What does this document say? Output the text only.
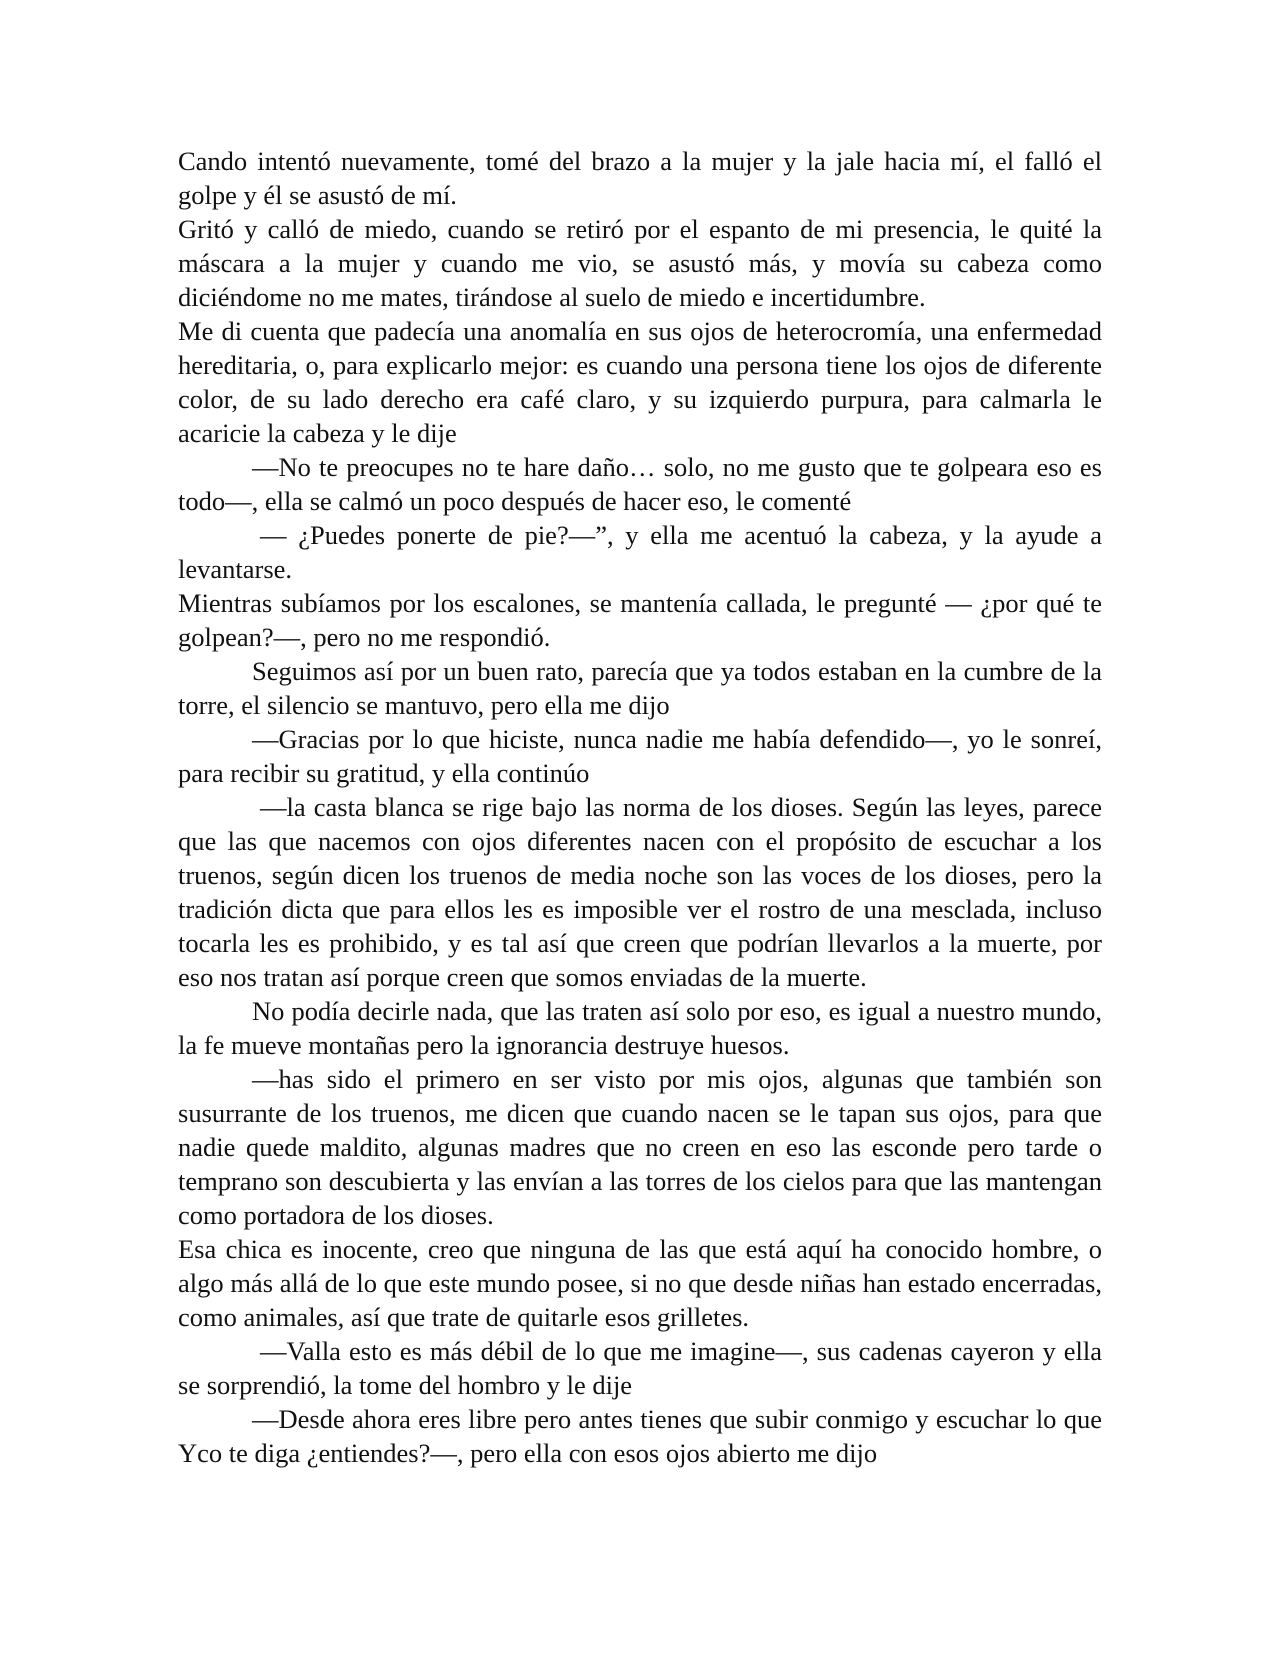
Cando intentó nuevamente, tomé del brazo a la mujer y la jale hacia mí, el falló el golpe y él se asustó de mí.

Gritó y calló de miedo, cuando se retiró por el espanto de mi presencia, le quité la máscara a la mujer y cuando me vio, se asustó más, y movía su cabeza como diciéndome no me mates, tirándose al suelo de miedo e incertidumbre.

Me di cuenta que padecía una anomalía en sus ojos de heterocromía, una enfermedad hereditaria, o, para explicarlo mejor: es cuando una persona tiene los ojos de diferente color, de su lado derecho era café claro, y su izquierdo purpura, para calmarla le acaricie la cabeza y le dije

—No te preocupes no te hare daño… solo, no me gusto que te golpeara eso es todo—, ella se calmó un poco después de hacer eso, le comenté

— ¿Puedes ponerte de pie?—”, y ella me acentuó la cabeza, y la ayude a levantarse.

Mientras subíamos por los escalones, se mantenía callada, le pregunté — ¿por qué te golpean?—, pero no me respondió.

Seguimos así por un buen rato, parecía que ya todos estaban en la cumbre de la torre, el silencio se mantuvo, pero ella me dijo

—Gracias por lo que hiciste, nunca nadie me había defendido—, yo le sonreí, para recibir su gratitud, y ella continúo

—la casta blanca se rige bajo las norma de los dioses. Según las leyes, parece que las que nacemos con ojos diferentes nacen con el propósito de escuchar a los truenos, según dicen los truenos de media noche son las voces de los dioses, pero la tradición dicta que para ellos les es imposible ver el rostro de una mesclada, incluso tocarla les es prohibido, y es tal así que creen que podrían llevarlos a la muerte, por eso nos tratan así porque creen que somos enviadas de la muerte.

No podía decirle nada, que las traten así solo por eso, es igual a nuestro mundo, la fe mueve montañas pero la ignorancia destruye huesos.

—has sido el primero en ser visto por mis ojos, algunas que también son susurrante de los truenos, me dicen que cuando nacen se le tapan sus ojos, para que nadie quede maldito, algunas madres que no creen en eso las esconde pero tarde o temprano son descubierta y las envían a las torres de los cielos para que las mantengan como portadora de los dioses.

Esa chica es inocente, creo que ninguna de las que está aquí ha conocido hombre, o algo más allá de lo que este mundo posee, si no que desde niñas han estado encerradas, como animales, así que trate de quitarle esos grilletes.

—Valla esto es más débil de lo que me imagine—, sus cadenas cayeron y ella se sorprendió, la tome del hombro y le dije

—Desde ahora eres libre pero antes tienes que subir conmigo y escuchar lo que Yco te diga ¿entiendes?—, pero ella con esos ojos abierto me dijo
